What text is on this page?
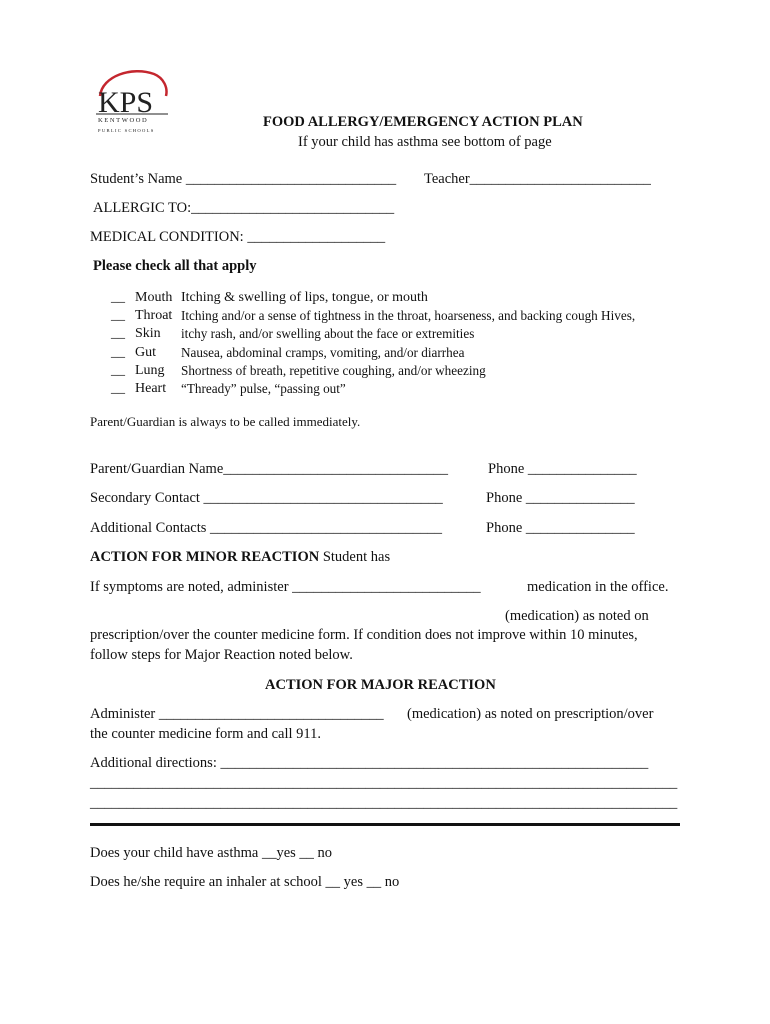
KPS
KENTWOOD
PUBLIC SCHOOLS
FOOD ALLERGY/EMERGENCY ACTION PLAN
If your child has asthma see bottom of page
Student’s Name _____________________________ Teacher_________________________
ALLERGIC TO:____________________________
MEDICAL CONDITION: ___________________
Please check all that apply
__ Mouth Itching & swelling of lips, tongue, or mouth
__ Throat Itching and/or a sense of tightness in the throat, hoarseness, and backing cough Hives,
__ Skin	itchy rash, and/or swelling about the face or extremities
__ Gut	Nausea, abdominal cramps, vomiting, and/or diarrhea
__ Lung	Shortness of breath, repetitive coughing, and/or wheezing
__ Heart	“Thready” pulse, “passing out”
Parent/Guardian is always to be called immediately.
Parent/Guardian Name_______________________________	Phone _______________
Secondary Contact _________________________________	Phone _______________
Additional Contacts ________________________________	Phone _______________
ACTION FOR MINOR REACTION Student has
If symptoms are noted, administer __________________________	medication in the office.
(medication) as noted on
prescription/over the counter medicine form. If condition does not improve within 10 minutes,
follow steps for Major Reaction noted below.
ACTION FOR MAJOR REACTION
Administer _______________________________ (medication) as noted on prescription/over
the counter medicine form and call 911.
Additional directions: ___________________________________________________________
_________________________________________________________________________________
_________________________________________________________________________________
Does your child have asthma __yes __ no
Does he/she require an inhaler at school __ yes __ no
